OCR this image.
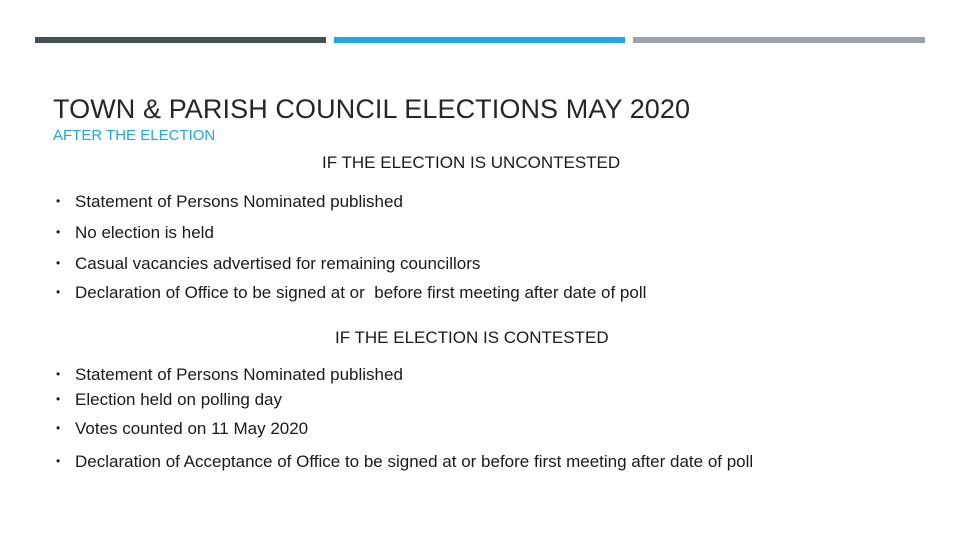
TOWN & PARISH COUNCIL ELECTIONS MAY 2020
AFTER THE ELECTION
IF THE ELECTION IS UNCONTESTED
• Statement of Persons Nominated published
• No election is held
• Casual vacancies advertised for remaining councillors
• Declaration of Office to be signed at or  before first meeting after date of poll
IF THE ELECTION IS CONTESTED
• Statement of Persons Nominated published
• Election held on polling day
• Votes counted on 11 May 2020
• Declaration of Acceptance of Office to be signed at or before first meeting after date of poll
